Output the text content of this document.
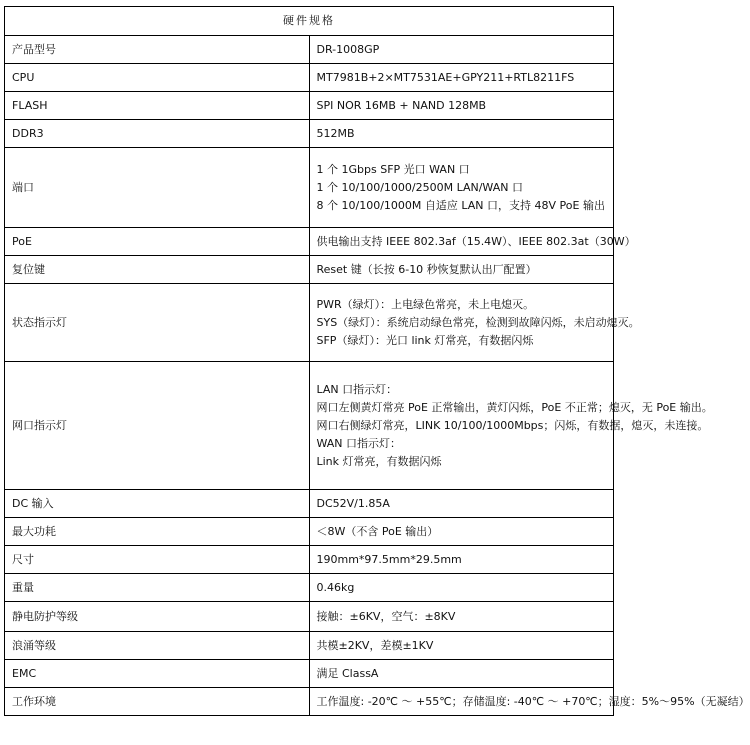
硬件规格	
产品型号	DR-1008GP

CPU	MT7981B+2×MT7531AE+GPY211+RTL8211FS

FLASH	SPI NOR 16MB + NAND 128MB

DDR3	512MB

端口	1 个 1Gbps SFP 光口 WAN 口
1 个 10/100/1000/2500M LAN/WAN 口
8 个 10/100/1000M 自适应 LAN 口，支持 48V PoE 输出

PoE	供电输出支持 IEEE 802.3af（15.4W）、IEEE 802.3at（30W）

复位键	Reset 键（长按 6-10 秒恢复默认出厂配置）

状态指示灯	PWR（绿灯）：上电绿色常亮，未上电熄灭。
SYS（绿灯）：系统启动绿色常亮，检测到故障闪烁，未启动熄灭。
SFP（绿灯）：光口 link 灯常亮，有数据闪烁

网口指示灯	LAN 口指示灯：
网口左侧黄灯常亮 PoE 正常输出，黄灯闪烁，PoE 不正常；熄灭，无 PoE 输出。
网口右侧绿灯常亮，LINK 10/100/1000Mbps；闪烁，有数据，熄灭，未连接。
WAN 口指示灯：
Link 灯常亮，有数据闪烁

DC 输入	DC52V/1.85A

最大功耗	＜8W（不含 PoE 输出）

尺寸	190mm*97.5mm*29.5mm

重量	0.46kg

静电防护等级	接触：±6KV，空气：±8KV

浪涌等级	共模±2KV，差模±1KV

EMC	满足 ClassA

工作环境	工作温度: -20℃ ～ +55℃；存储温度: -40℃ ～ +70℃；湿度：5%～95%（无凝结）
